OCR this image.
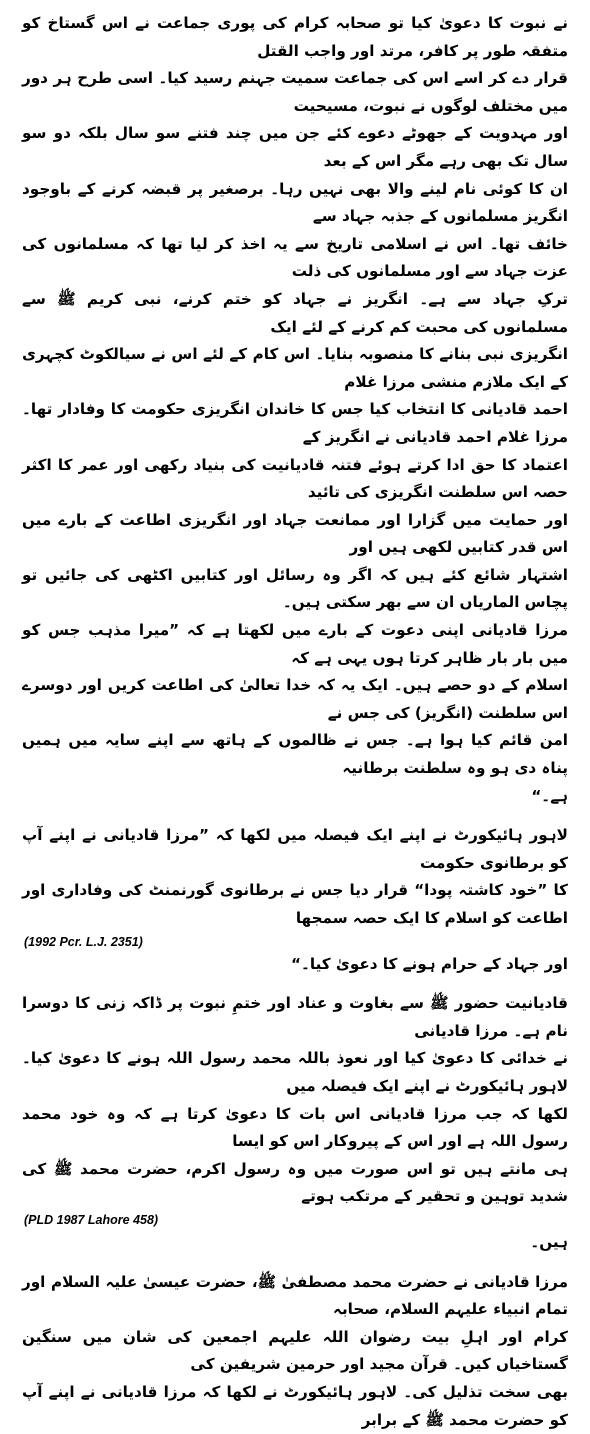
نے نبوت کا دعویٰ کیا تو صحابہ کرام کی پوری جماعت نے اس گستاخ کو متفقہ طور پر کافر، مرتد اور واجب القتل
قرار دے کر اسے اس کی جماعت سمیت جہنم رسید کیا۔ اسی طرح ہر دور میں مختلف لوگوں نے نبوت، مسیحیت
اور مہدویت کے جھوٹے دعوے کئے جن میں چند فتنے سو سال بلکہ دو سو سال تک بھی رہے مگر اس کے بعد
ان کا کوئی نام لینے والا بھی نہیں رہا۔ برصغیر پر قبضہ کرنے کے باوجود انگریز مسلمانوں کے جذبہ جہاد سے
خائف تھا۔ اس نے اسلامی تاریخ سے یہ اخذ کر لیا تھا کہ مسلمانوں کی عزت جہاد سے اور مسلمانوں کی ذلت
ترکِ جہاد سے ہے۔ انگریز نے جہاد کو ختم کرنے، نبی کریم ﷺ سے مسلمانوں کی محبت کم کرنے کے لئے ایک
انگریزی نبی بنانے کا منصوبہ بنایا۔ اس کام کے لئے اس نے سیالکوٹ کچہری کے ایک ملازم منشی مرزا غلام
احمد قادیانی کا انتخاب کیا جس کا خاندان انگریزی حکومت کا وفادار تھا۔ مرزا غلام احمد قادیانی نے انگریز کے
اعتماد کا حق ادا کرتے ہوئے فتنہ قادیانیت کی بنیاد رکھی اور عمر کا اکثر حصہ اس سلطنت انگریزی کی تائید
اور حمایت میں گزارا اور ممانعت جہاد اور انگریزی اطاعت کے بارے میں اس قدر کتابیں لکھی ہیں اور
اشتہار شائع کئے ہیں کہ اگر وہ رسائل اور کتابیں اکٹھی کی جائیں تو پچاس الماریاں ان سے بھر سکتی ہیں۔
مرزا قادیانی اپنی دعوت کے بارے میں لکھتا ہے کہ ”میرا مذہب جس کو میں بار بار ظاہر کرتا ہوں یہی ہے کہ
اسلام کے دو حصے ہیں۔ ایک یہ کہ خدا تعالیٰ کی اطاعت کریں اور دوسرے اس سلطنت (انگریز) کی جس نے
امن قائم کیا ہوا ہے۔ جس نے ظالموں کے ہاتھ سے اپنے سایہ میں ہمیں پناہ دی ہو وہ سلطنت برطانیہ
ہے۔“
لاہور ہائیکورٹ نے اپنے ایک فیصلہ میں لکھا کہ ”مرزا قادیانی نے اپنے آپ کو برطانوی حکومت
کا ”خود کاشتہ پودا“ قرار دیا جس نے برطانوی گورنمنٹ کی وفاداری اور اطاعت کو اسلام کا ایک حصہ سمجھا
(1992 Pcr. L.J. 2351)
اور جہاد کے حرام ہونے کا دعویٰ کیا۔“
قادیانیت حضور ﷺ سے بغاوت و عناد اور ختمِ نبوت پر ڈاکہ زنی کا دوسرا نام ہے۔ مرزا قادیانی
نے خدائی کا دعویٰ کیا اور نعوذ باللہ محمد رسول اللہ ہونے کا دعویٰ کیا۔ لاہور ہائیکورٹ نے اپنے ایک فیصلہ میں
لکھا کہ جب مرزا قادیانی اس بات کا دعویٰ کرتا ہے کہ وہ خود محمد رسول اللہ ہے اور اس کے پیروکار اس کو ایسا
ہی مانتے ہیں تو اس صورت میں وہ رسول اکرم، حضرت محمد ﷺ کی شدید توہین و تحقیر کے مرتکب ہوتے
(PLD 1987 Lahore 458)
ہیں۔
مرزا قادیانی نے حضرت محمد مصطفیٰ ﷺ، حضرت عیسیٰ علیہ السلام اور تمام انبیاء علیہم السلام، صحابہ
کرام اور اہلِ بیت رضوان اللہ علیہم اجمعین کی شان میں سنگین گستاخیاں کیں۔ قرآن مجید اور حرمین شریفین کی
بھی سخت تذلیل کی۔ لاہور ہائیکورٹ نے لکھا کہ مرزا قادیانی نے اپنے آپ کو حضرت محمد ﷺ کے برابر
